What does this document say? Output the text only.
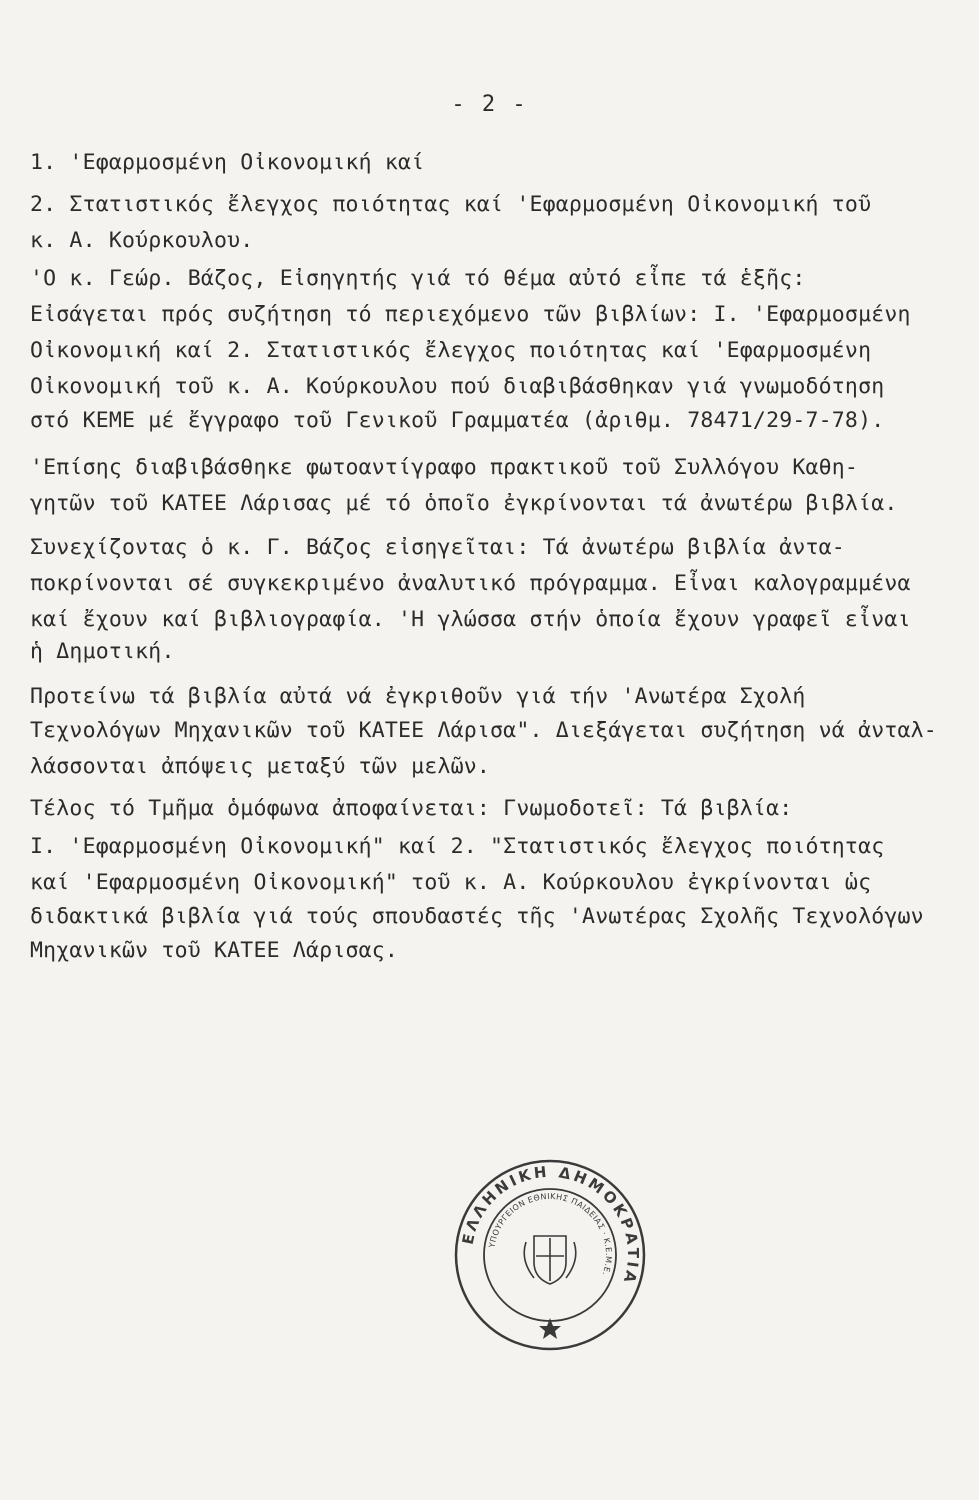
- 2 -
1. 'Εφαρμοσμένη Οἰκονομική καί
2. Στατιστικός ἔλεγχος ποιότητας καί 'Εφαρμοσμένη Οἰκονομική τοῦ
κ. Α. Κούρκουλου.
'Ο κ. Γεώρ. Βάζος, Εἰσηγητής γιά τό θέμα αὐτό εἶπε τά ἑξῆς:
Εἰσάγεται πρός συζήτηση τό περιεχόμενο τῶν βιβλίων: Ι. 'Εφαρμοσμένη
Οἰκονομική καί 2. Στατιστικός ἔλεγχος ποιότητας καί 'Εφαρμοσμένη
Οἰκονομική τοῦ κ. Α. Κούρκουλου πού διαβιβάσθηκαν γιά γνωμοδότηση
στό ΚΕΜΕ μέ ἔγγραφο τοῦ Γενικοῦ Γραμματέα (ἀριθμ. 78471/29-7-78).
'Επίσης διαβιβάσθηκε φωτοαντίγραφο πρακτικοῦ τοῦ Συλλόγου Καθη-
γητῶν τοῦ ΚΑΤΕΕ Λάρισας μέ τό ὁποῖο ἐγκρίνονται τά ἀνωτέρω βιβλία.
Συνεχίζοντας ὁ κ. Γ. Βάζος εἰσηγεῖται: Τά ἀνωτέρω βιβλία ἀντα-
ποκρίνονται σέ συγκεκριμένο ἀναλυτικό πρόγραμμα. Εἶναι καλογραμμένα
καί ἔχουν καί βιβλιογραφία. 'Η γλώσσα στήν ὁποία ἔχουν γραφεῖ εἶναι
ἡ Δημοτική.
Προτείνω τά βιβλία αὐτά νά ἐγκριθοῦν γιά τήν 'Ανωτέρα Σχολή
Τεχνολόγων Μηχανικῶν τοῦ ΚΑΤΕΕ Λάρισα". Διεξάγεται συζήτηση νά ἀνταλ-
λάσσονται ἀπόψεις μεταξύ τῶν μελῶν.
Τέλος τό Τμῆμα ὁμόφωνα ἀποφαίνεται: Γνωμοδοτεῖ: Τά βιβλία:
Ι. 'Εφαρμοσμένη Οἰκονομική" καί 2. "Στατιστικός ἔλεγχος ποιότητας
καί 'Εφαρμοσμένη Οἰκονομική" τοῦ κ. Α. Κούρκουλου ἐγκρίνονται ὡς
διδακτικά βιβλία γιά τούς σπουδαστές τῆς 'Ανωτέρας Σχολῆς Τεχνολόγων
Μηχανικῶν τοῦ ΚΑΤΕΕ Λάρισας.
ΕΛΛΗΝΙΚΗ ΔΗΜΟΚΡΑΤΙΑ
ΥΠΟΥΡΓΕΙΟΝ ΕΘΝΙΚΗΣ ΠΑΙΔΕΙΑΣ · Κ.Ε.Μ.Ε.
